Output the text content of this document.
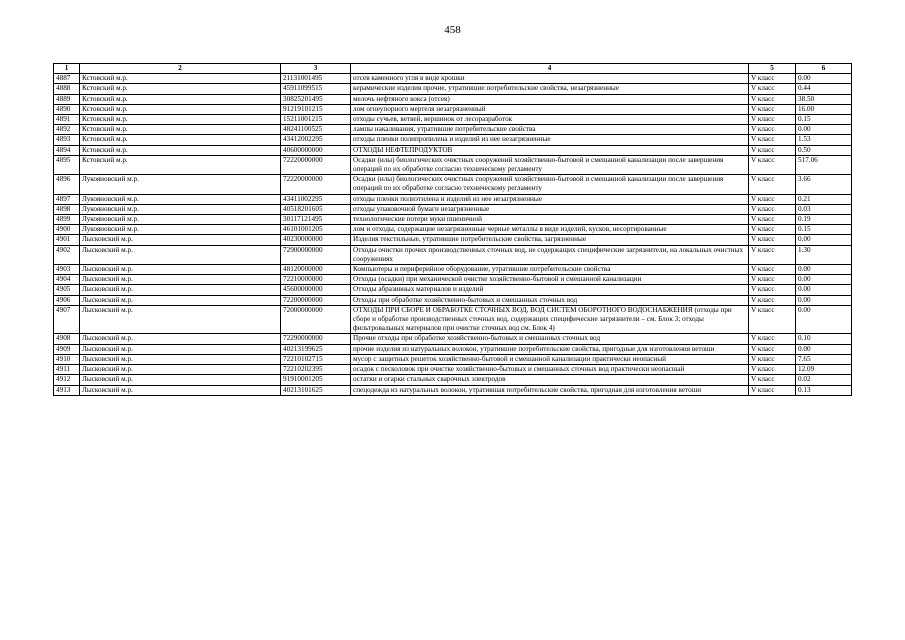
458
1	2	3	4	5	6
4887	Кстовский м.р.	21131001495	отсев каменного угля в виде крошки	V класс	0.00
4888	Кстовский м.р.	45911099515	керамические изделия прочие, утратившие потребительские свойства, незагрязненные	V класс	0.44
4889	Кстовский м.р.	30825201495	мелочь нефтяного кокса (отсев)	V класс	38.50
4890	Кстовский м.р.	91219101215	лом огнеупорного мертеля незагрязненный	V класс	16.00
4891	Кстовский м.р.	15211001215	отходы сучьев, ветвей, вершинок от лесоразработок	V класс	0.15
4892	Кстовский м.р.	48241100525	лампы накаливания, утратившие потребительские свойства	V класс	0.00
4893	Кстовский м.р.	43412002295	отходы пленки полипропилена и изделий из нее незагрязненные	V класс	1.53
4894	Кстовский м.р.	40600000000	ОТХОДЫ НЕФТЕПРОДУКТОВ	V класс	0.50
4895	Кстовский м.р.	72220000000	Осадки (илы) биологических очистных сооружений хозяйственно-бытовой и смешанной канализации после завершения операций по их обработке согласно техническому регламенту	V класс	517.06
4896	Лукояновский м.р.	72220000000	Осадки (илы) биологических очистных сооружений хозяйственно-бытовой и смешанной канализации после завершения операций по их обработке согласно техническому регламенту	V класс	3.66
4897	Лукояновский м.р.	43411002295	отходы пленки полиэтилена и изделий из нее незагрязненные	V класс	0.21
4898	Лукояновский м.р.	40518201605	отходы упаковочной бумаги незагрязненные	V класс	0.03
4899	Лукояновский м.р.	30117121495	технологические потери муки пшеничной	V класс	0.19
4900	Лукояновский м.р.	46101001205	лом и отходы, содержащие незагрязненные черные металлы в виде изделий, кусков, несортированные	V класс	0.15
4901	Лысковский м.р.	40230000000	Изделия текстильные, утратившие потребительские свойства, загрязненные	V класс	0.00
4902	Лысковский м.р.	72900000000	Отходы очистки прочих производственных сточных вод, не содержащих специфические загрязнители, на локальных очистных сооружениях	V класс	1.30
4903	Лысковский м.р.	48120000000	Компьютеры и периферийное оборудование, утратившие потребительские свойства	V класс	0.00
4904	Лысковский м.р.	72210000000	Отходы (осадки) при механической очистке хозяйственно-бытовой и смешанной канализации	V класс	0.00
4905	Лысковский м.р.	45600000000	Отходы абразивных материалов и изделий	V класс	0.00
4906	Лысковский м.р.	72200000000	Отходы при обработке хозяйственно-бытовых и смешанных сточных вод	V класс	0.00
4907	Лысковский м.р.	72000000000	ОТХОДЫ ПРИ СБОРЕ И ОБРАБОТКЕ СТОЧНЫХ ВОД, ВОД СИСТЕМ ОБОРОТНОГО ВОДОСНАБЖЕНИЯ (отходы при сборе и обработке производственных сточных вод, содержащих специфические загрязнители – см. Блок 3; отходы фильтровальных материалов при очистке сточных вод см. Блок 4)	V класс	0.00
4908	Лысковский м.р.	72290000000	Прочие отходы при обработке хозяйственно-бытовых и смешанных сточных вод	V класс	0.10
4909	Лысковский м.р.	40213199625	прочие изделия из натуральных волокон, утратившие потребительские свойства, пригодные для изготовления ветоши	V класс	0.00
4910	Лысковский м.р.	72210102715	мусор с защитных решеток хозяйственно-бытовой и смешанной канализации практически неопасный	V класс	7.65
4911	Лысковский м.р.	72210202395	осадок с песколовок при очистке хозяйственно-бытовых и смешанных сточных вод практически неопасный	V класс	12.09
4912	Лысковский м.р.	91910001205	остатки и огарки стальных сварочных электродов	V класс	0.02
4913	Лысковский м.р.	40213101625	спецодежда из натуральных волокон, утратившая потребительские свойства, пригодная для изготовления ветоши	V класс	0.13
